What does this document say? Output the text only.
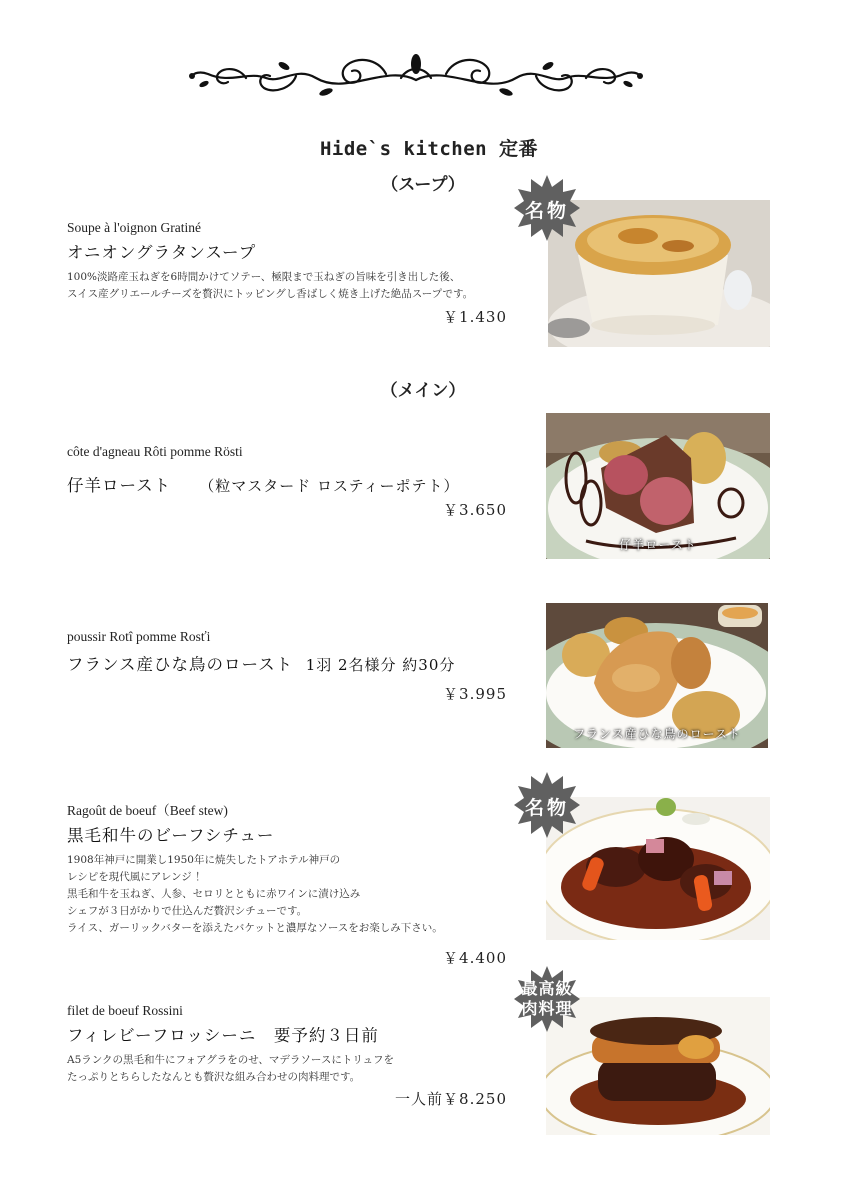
Hide`s kitchen 定番
（スープ）
（メイン）
Soupe à l'oignon Gratiné
オニオングラタンスープ
100%淡路産玉ねぎを6時間かけてソテー、極限まで玉ねぎの旨味を引き出した後、
スイス産グリエールチーズを贅沢にトッピングし香ばしく焼き上げた絶品スープです。
￥1.430
名物
côte d'agneau Rôti pomme Rösti
仔羊ロースト （粒マスタード ロスティーポテト）
￥3.650
仔羊ロースト
poussir Rotî pomme Rosťi
フランス産ひな鳥のロースト 1羽 2名様分 約30分
￥3.995
フランス産ひな鳥のロースト
Ragoût de boeuf（Beef stew)
黒毛和牛のビーフシチュー
1908年神戸に開業し1950年に焼失したトアホテル神戸の
レシピを現代風にアレンジ ！
黒毛和牛を玉ねぎ、人参、セロリとともに赤ワインに漬け込み
シェフが３日がかりで仕込んだ贅沢シチューです。
ライス、ガーリックバターを添えたバケットと濃厚なソースをお楽しみ下さい。
￥4.400
名物
filet de boeuf Rossini
フィレビーフロッシーニ　要予約３日前
A5ランクの黒毛和牛にフォアグラをのせ、マデラソースにトリュフを
たっぷりとちらしたなんとも贅沢な組み合わせの肉料理です。
一人前￥8.250
最高級
肉料理
